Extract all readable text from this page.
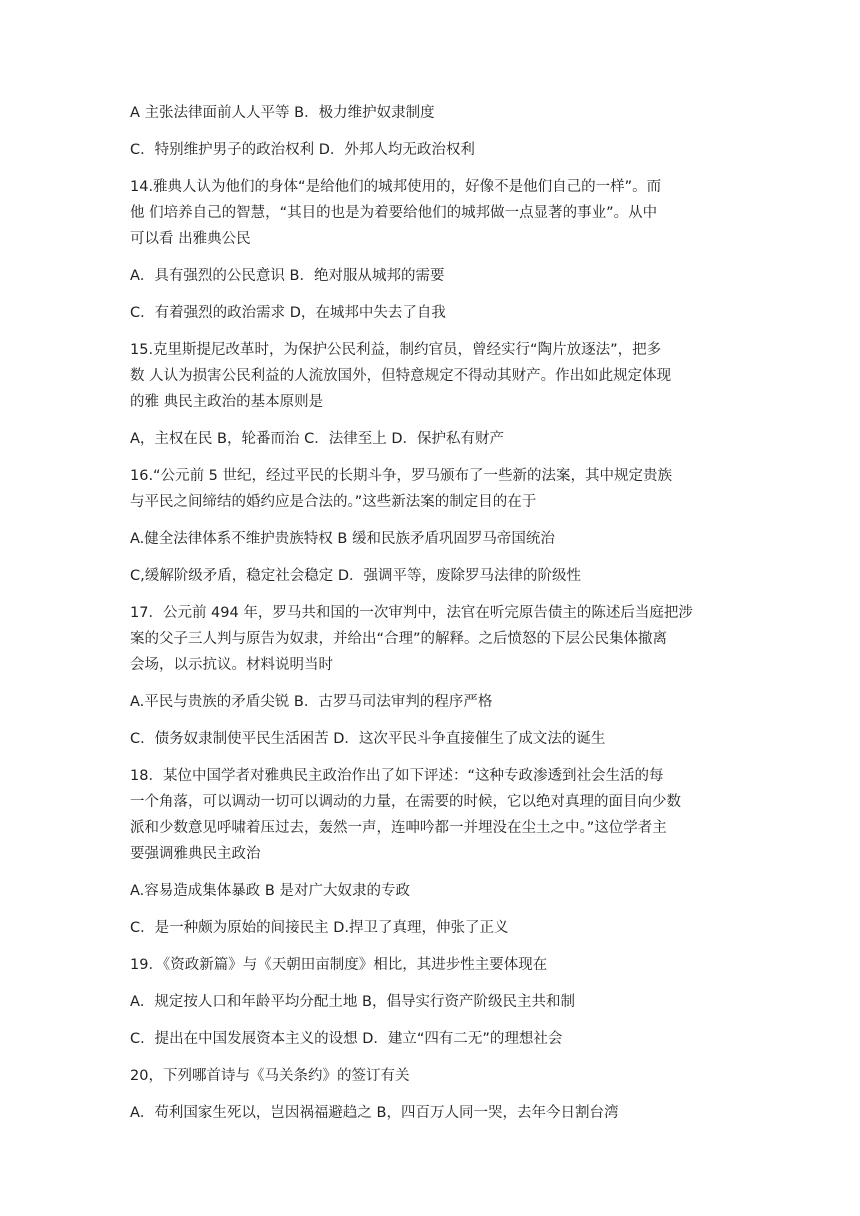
A 主张法律面前人人平等 B．极力维护奴隶制度

C．特别维护男子的政治权利 D．外邦人均无政治权利

14.雅典人认为他们的身体“是给他们的城邦使用的，好像不是他们自己的一样”。而
他 们培养自己的智慧，“其目的也是为着要给他们的城邦做一点显著的事业”。从中
可以看 出雅典公民

A．具有强烈的公民意识 B．绝对服从城邦的需要

C．有着强烈的政治需求 D，在城邦中失去了自我

15.克里斯提尼改革时，为保护公民利益，制约官员，曾经实行“陶片放逐法”，把多
数 人认为损害公民利益的人流放国外，但特意规定不得动其财产。作出如此规定体现
的雅 典民主政治的基本原则是

A，主权在民 B，轮番而治 C．法律至上 D．保护私有财产

16.“公元前 5 世纪，经过平民的长期斗争，罗马颁布了一些新的法案，其中规定贵族
与平民之间缔结的婚约应是合法的。”这些新法案的制定目的在于

A.健全法律体系不维护贵族特权 B 缓和民族矛盾巩固罗马帝国统治

C,缓解阶级矛盾，稳定社会稳定 D．强调平等，废除罗马法律的阶级性

17．公元前 494 年，罗马共和国的一次审判中，法官在听完原告债主的陈述后当庭把涉
案的父子三人判与原告为奴隶，并给出“合理”的解释。之后愤怒的下层公民集体撤离
会场，以示抗议。材料说明当时

A.平民与贵族的矛盾尖锐 B．古罗马司法审判的程序严格

C．债务奴隶制使平民生活困苦 D．这次平民斗争直接催生了成文法的诞生

18．某位中国学者对雅典民主政治作出了如下评述：“这种专政渗透到社会生活的每
一个角落，可以调动一切可以调动的力量，在需要的时候，它以绝对真理的面目向少数
派和少数意见呼啸着压过去，轰然一声，连呻吟都一并埋没在尘土之中。”这位学者主
要强调雅典民主政治

A.容易造成集体暴政 B 是对广大奴隶的专政

C．是一种颇为原始的间接民主 D.捍卫了真理，伸张了正义

19．《资政新篇》与《天朝田亩制度》相比，其进步性主要体现在

A．规定按人口和年龄平均分配土地 B，倡导实行资产阶级民主共和制

C．提出在中国发展资本主义的设想 D．建立“四有二无”的理想社会

20，下列哪首诗与《马关条约》的签订有关

A．苟利国家生死以，岂因祸福避趋之 B，四百万人同一哭，去年今日割台湾
